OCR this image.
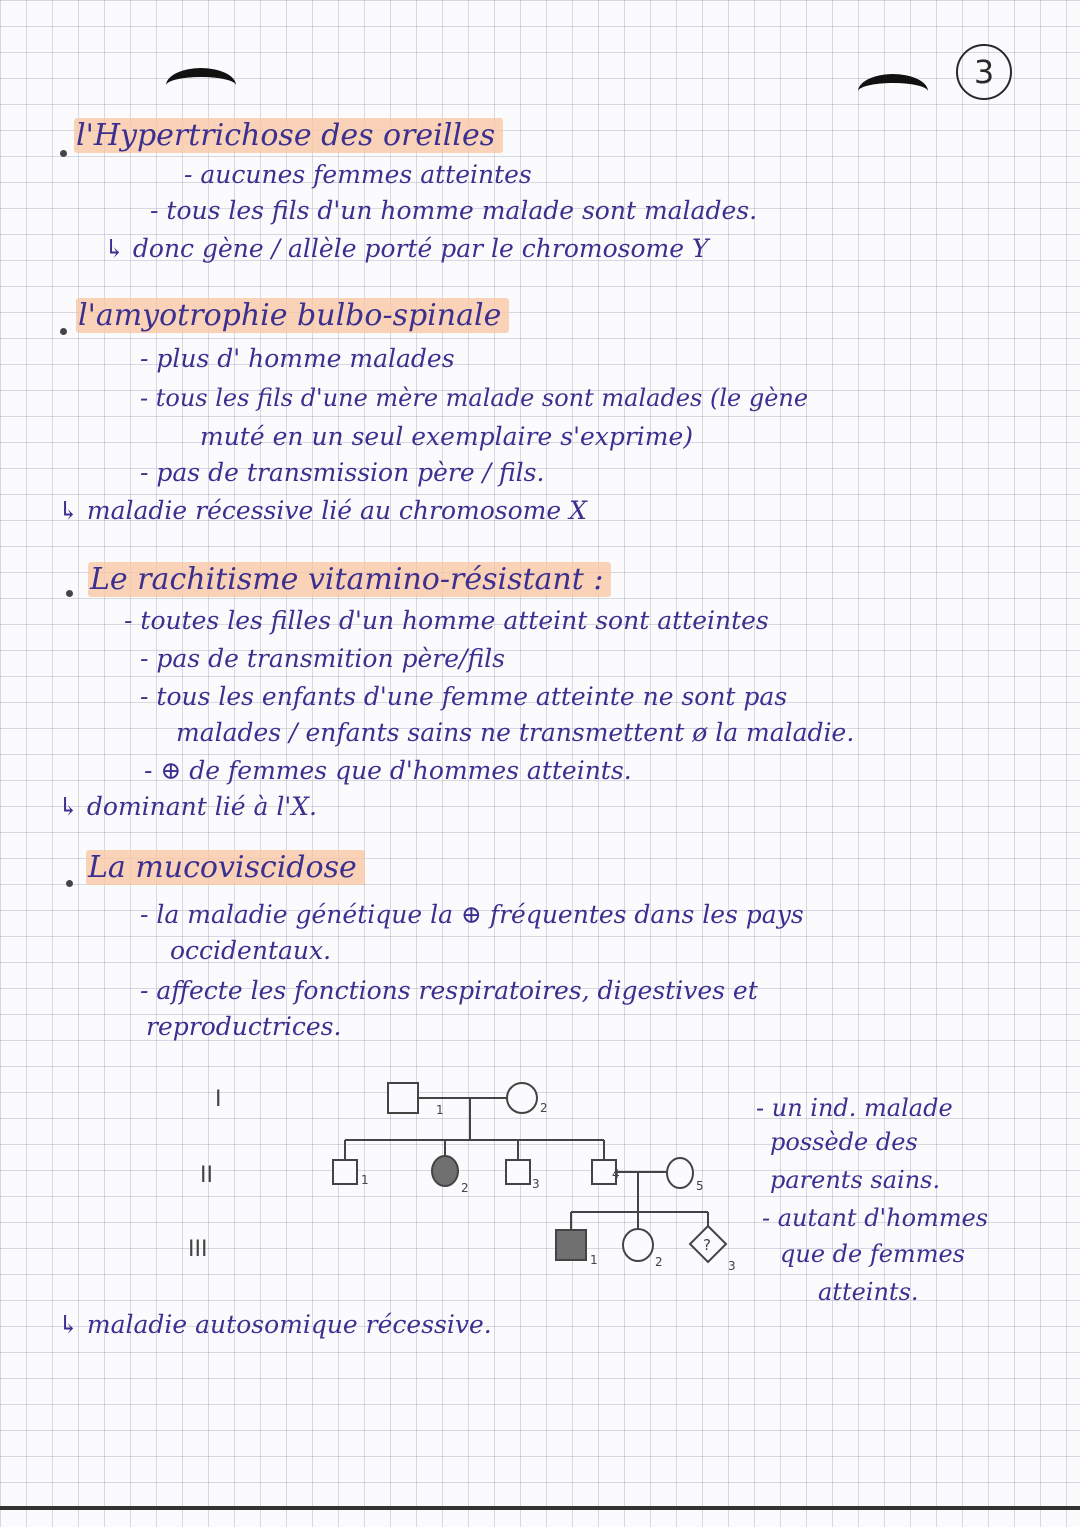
3
l'Hypertrichose des oreilles
- aucunes femmes atteintes
- tous les fils d'un homme malade sont malades.
↳ donc gène / allèle porté par le chromosome Y
l'amyotrophie bulbo-spinale
- plus d' homme malades
- tous les fils d'une mère malade sont malades (le gène
muté en un seul exemplaire s'exprime)
- pas de transmission père / fils.
↳ maladie récessive lié au chromosome X
Le rachitisme vitamino-résistant :
- toutes les filles d'un homme atteint sont atteintes
- pas de transmition père/fils
- tous les enfants d'une femme atteinte ne sont pas
malades / enfants sains ne transmettent ø la maladie.
- ⊕ de femmes que d'hommes atteints.
↳ dominant lié à l'X.
La mucoviscidose
- la maladie génétique la ⊕ fréquentes dans les pays
occidentaux.
- affecte les fonctions respiratoires, digestives et
reproductrices.
I
II
III
1	2
1
2	3
4
5
1	2	3
?
- un ind. malade
possède des
parents sains.
- autant d'hommes
que de femmes
atteints.
↳ maladie autosomique récessive.
